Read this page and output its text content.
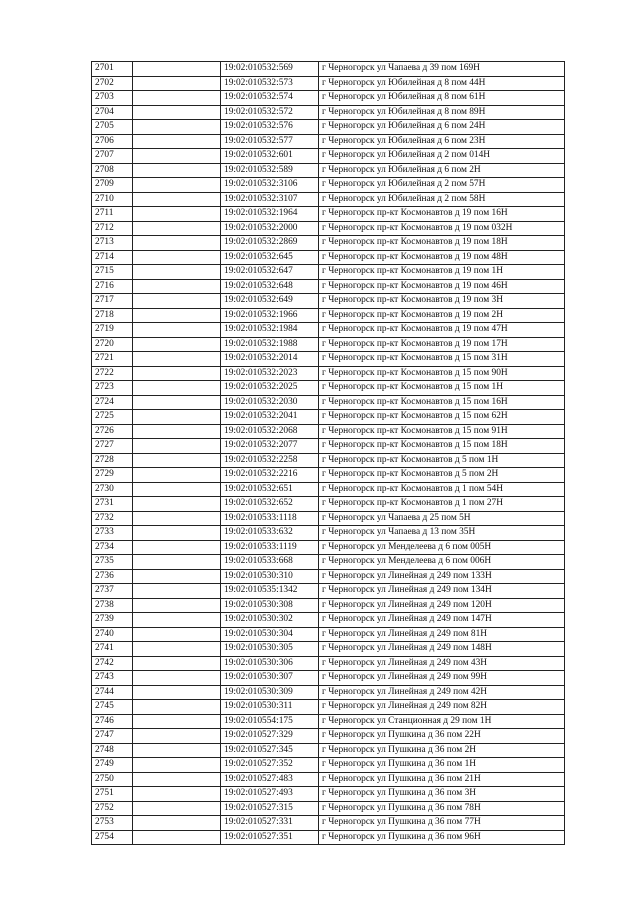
2701		19:02:010532:569	г Черногорск ул Чапаева д 39 пом 169Н
2702		19:02:010532:573	г Черногорск ул Юбилейная д 8 пом 44Н
2703		19:02:010532:574	г Черногорск ул Юбилейная д 8 пом 61Н
2704		19:02:010532:572	г Черногорск ул Юбилейная д 8 пом 89Н
2705		19:02:010532:576	г Черногорск ул Юбилейная д 6 пом 24Н
2706		19:02:010532:577	г Черногорск ул Юбилейная д 6 пом 23Н
2707		19:02:010532:601	г Черногорск ул Юбилейная д 2 пом 014Н
2708		19:02:010532:589	г Черногорск ул Юбилейная д 6 пом 2Н
2709		19:02:010532:3106	г Черногорск ул Юбилейная д 2 пом 57Н
2710		19:02:010532:3107	г Черногорск ул Юбилейная д 2 пом 58Н
2711		19:02:010532:1964	г Черногорск пр-кт Космонавтов д 19 пом 16Н
2712		19:02:010532:2000	г Черногорск пр-кт Космонавтов д 19 пом 032Н
2713		19:02:010532:2869	г Черногорск пр-кт Космонавтов д 19 пом 18Н
2714		19:02:010532:645	г Черногорск пр-кт Космонавтов д 19 пом 48Н
2715		19:02:010532:647	г Черногорск пр-кт Космонавтов д 19 пом 1Н
2716		19:02:010532:648	г Черногорск пр-кт Космонавтов д 19 пом 46Н
2717		19:02:010532:649	г Черногорск пр-кт Космонавтов д 19 пом 3Н
2718		19:02:010532:1966	г Черногорск пр-кт Космонавтов д 19 пом 2Н
2719		19:02:010532:1984	г Черногорск пр-кт Космонавтов д 19 пом 47Н
2720		19:02:010532:1988	г Черногорск пр-кт Космонавтов д 19 пом 17Н
2721		19:02:010532:2014	г Черногорск пр-кт Космонавтов д 15 пом 31Н
2722		19:02:010532:2023	г Черногорск пр-кт Космонавтов д 15 пом 90Н
2723		19:02:010532:2025	г Черногорск пр-кт Космонавтов д 15 пом 1Н
2724		19:02:010532:2030	г Черногорск пр-кт Космонавтов д 15 пом 16Н
2725		19:02:010532:2041	г Черногорск пр-кт Космонавтов д 15 пом 62Н
2726		19:02:010532:2068	г Черногорск пр-кт Космонавтов д 15 пом 91Н
2727		19:02:010532:2077	г Черногорск пр-кт Космонавтов д 15 пом 18Н
2728		19:02:010532:2258	г Черногорск пр-кт Космонавтов д 5 пом 1Н
2729		19:02:010532:2216	г Черногорск пр-кт Космонавтов д 5 пом 2Н
2730		19:02:010532:651	г Черногорск пр-кт Космонавтов д 1 пом 54Н
2731		19:02:010532:652	г Черногорск пр-кт Космонавтов д 1 пом 27Н
2732		19:02:010533:1118	г Черногорск ул Чапаева д 25 пом 5Н
2733		19:02:010533:632	г Черногорск ул Чапаева д 13 пом 35Н
2734		19:02:010533:1119	г Черногорск ул Менделеева д 6 пом 005Н
2735		19:02:010533:668	г Черногорск ул Менделеева д 6 пом 006Н
2736		19:02:010530:310	г Черногорск ул Линейная д 249 пом 133Н
2737		19:02:010535:1342	г Черногорск ул Линейная д 249 пом 134Н
2738		19:02:010530:308	г Черногорск ул Линейная д 249 пом 120Н
2739		19:02:010530:302	г Черногорск ул Линейная д 249 пом 147Н
2740		19:02:010530:304	г Черногорск ул Линейная д 249 пом 81Н
2741		19:02:010530:305	г Черногорск ул Линейная д 249 пом 148Н
2742		19:02:010530:306	г Черногорск ул Линейная д 249 пом 43Н
2743		19:02:010530:307	г Черногорск ул Линейная д 249 пом 99Н
2744		19:02:010530:309	г Черногорск ул Линейная д 249 пом 42Н
2745		19:02:010530:311	г Черногорск ул Линейная д 249 пом 82Н
2746		19:02:010554:175	г Черногорск ул Станционная д 29 пом 1Н
2747		19:02:010527:329	г Черногорск ул Пушкина д 36 пом 22Н
2748		19:02:010527:345	г Черногорск ул Пушкина д 36 пом 2Н
2749		19:02:010527:352	г Черногорск ул Пушкина д 36 пом 1Н
2750		19:02:010527:483	г Черногорск ул Пушкина д 36 пом 21Н
2751		19:02:010527:493	г Черногорск ул Пушкина д 36 пом 3Н
2752		19:02:010527:315	г Черногорск ул Пушкина д 36 пом 78Н
2753		19:02:010527:331	г Черногорск ул Пушкина д 36 пом 77Н
2754		19:02:010527:351	г Черногорск ул Пушкина д 36 пом 96Н
